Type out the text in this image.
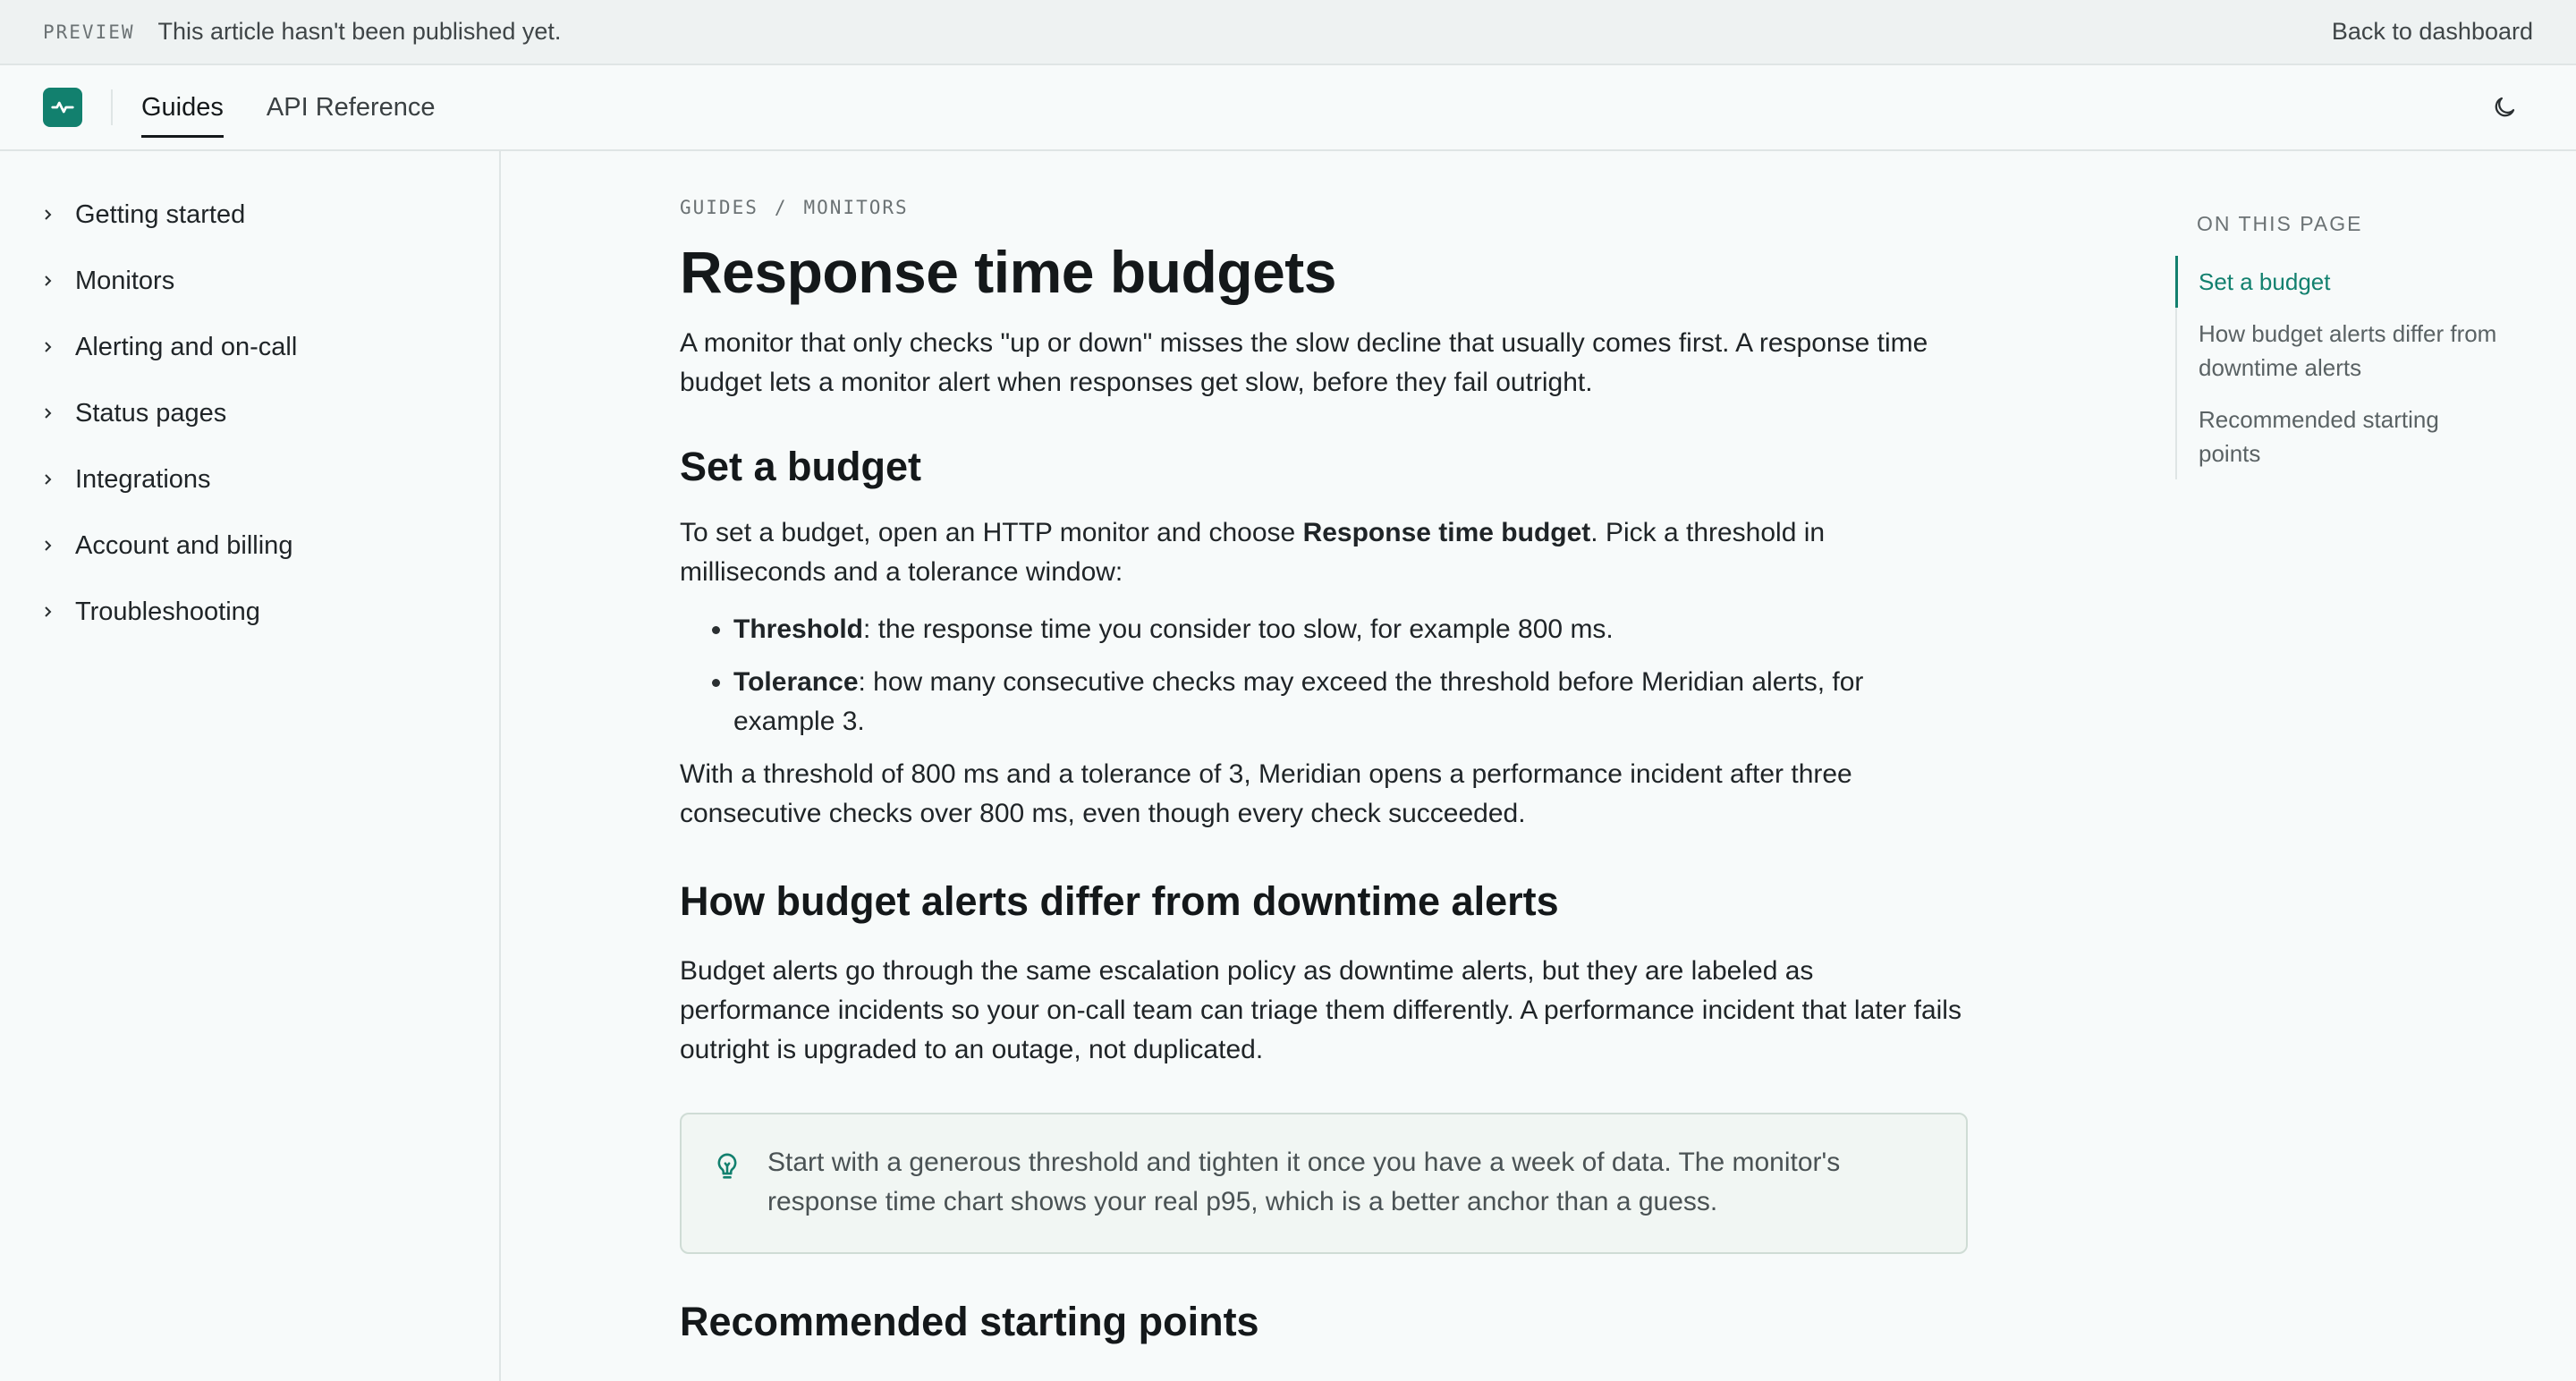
PREVIEW This article hasn't been published yet.	Back to dashboard
Guides API Reference
Getting started
Monitors
Alerting and on-call
Status pages
Integrations
Account and billing
Troubleshooting
GUIDES / MONITORS
Response time budgets

A monitor that only checks "up or down" misses the slow decline that usually comes first. A response time budget lets a monitor alert when responses get slow, before they fail outright.

Set a budget

To set a budget, open an HTTP monitor and choose Response time budget. Pick a threshold in milliseconds and a tolerance window:

• Threshold: the response time you consider too slow, for example 800 ms.
• Tolerance: how many consecutive checks may exceed the threshold before Meridian alerts, for example 3.

With a threshold of 800 ms and a tolerance of 3, Meridian opens a performance incident after three consecutive checks over 800 ms, even though every check succeeded.

How budget alerts differ from downtime alerts

Budget alerts go through the same escalation policy as downtime alerts, but they are labeled as performance incidents so your on-call team can triage them differently. A performance incident that later fails outright is upgraded to an outage, not duplicated.

Start with a generous threshold and tighten it once you have a week of data. The monitor's response time chart shows your real p95, which is a better anchor than a guess.

Recommended starting points
ON THIS PAGE
Set a budget
How budget alerts differ from downtime alerts
Recommended starting points
